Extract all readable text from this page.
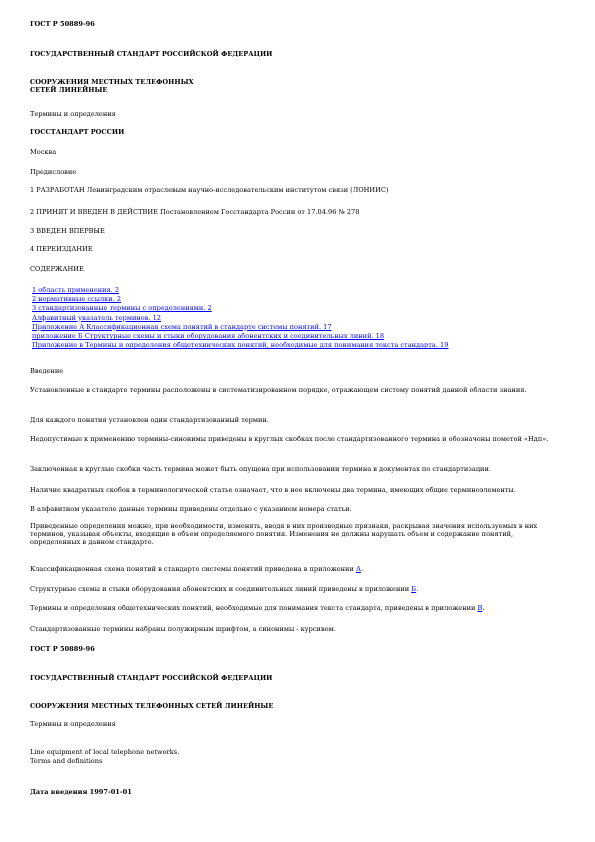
ГОСТ Р 50889-96
ГОСУДАРСТВЕННЫЙ СТАНДАРТ РОССИЙСКОЙ ФЕДЕРАЦИИ
СООРУЖЕНИЯ МЕСТНЫХ ТЕЛЕФОННЫХ
СЕТЕЙ ЛИНЕЙНЫЕ
Термины и определения
ГОССТАНДАРТ РОССИИ
Москва
Предисловие
1 РАЗРАБОТАН Ленинградским отраслевым научно-исследовательским институтом связи (ЛОНИИС)
2 ПРИНЯТ И ВВЕДЕН В ДЕЙСТВИЕ Постановлением Госстандарта России от 17.04.96 № 278
3 ВВЕДЕН ВПЕРВЫЕ
4 ПЕРЕИЗДАНИЕ
СОДЕРЖАНИЕ
1 область применения. 2
2 нормативные ссылки. 2
3 стандартизованные термины с определениями. 2
Алфавитный указатель терминов. 12
Приложение А Классификационная схема понятий в стандарте системы понятий. 17
приложение Б Структурные схемы и стыки оборудования абонентских и соединительных линий. 18
Приложение в Термины и определения общетехнических понятий, необходимые для понимания текста стандарта. 19
Введение
Установленные в стандарте термины расположены в систематизированном порядке, отражающем систему понятий данной области знания.
Для каждого понятия установлен один стандартизованный термин.
Недопустимые к применению термины-синонимы приведены в круглых скобках после стандартизованного термина и обозначены пометой «Ндп».
Заключенная в круглые скобки часть термина может быть опущена при использовании термина в документах по стандартизации.
Наличие квадратных скобок в терминологической статье означает, что в нее включены два термина, имеющих общие терминоэлементы.
В алфавитном указателе данные термины приведены отдельно с указанием номера статьи.
Приведенные определения можно, при необходимости, изменять, вводя в них производные признаки, раскрывая значения используемых в них терминов, указывая объекты, входящие в объем определяемого понятия. Изменения не должны нарушать объем и содержание понятий, определенных в данном стандарте.
Классификационная схема понятий в стандарте системы понятий приведена в приложении А.
Структурные схемы и стыки оборудования абонентских и соединительных линий приведены в приложении Б.
Термины и определения общетехнических понятий, необходимые для понимания текста стандарта, приведены в приложении В.
Стандартизованные термины набраны полужирным шрифтом, а синонимы - курсивом.
ГОСТ Р 50889-96
ГОСУДАРСТВЕННЫЙ СТАНДАРТ РОССИЙСКОЙ ФЕДЕРАЦИИ
СООРУЖЕНИЯ МЕСТНЫХ ТЕЛЕФОННЫХ СЕТЕЙ ЛИНЕЙНЫЕ
Термины и определения
Line equipment of local telephone networks.
Terms and definitions
Дата введения 1997-01-01
